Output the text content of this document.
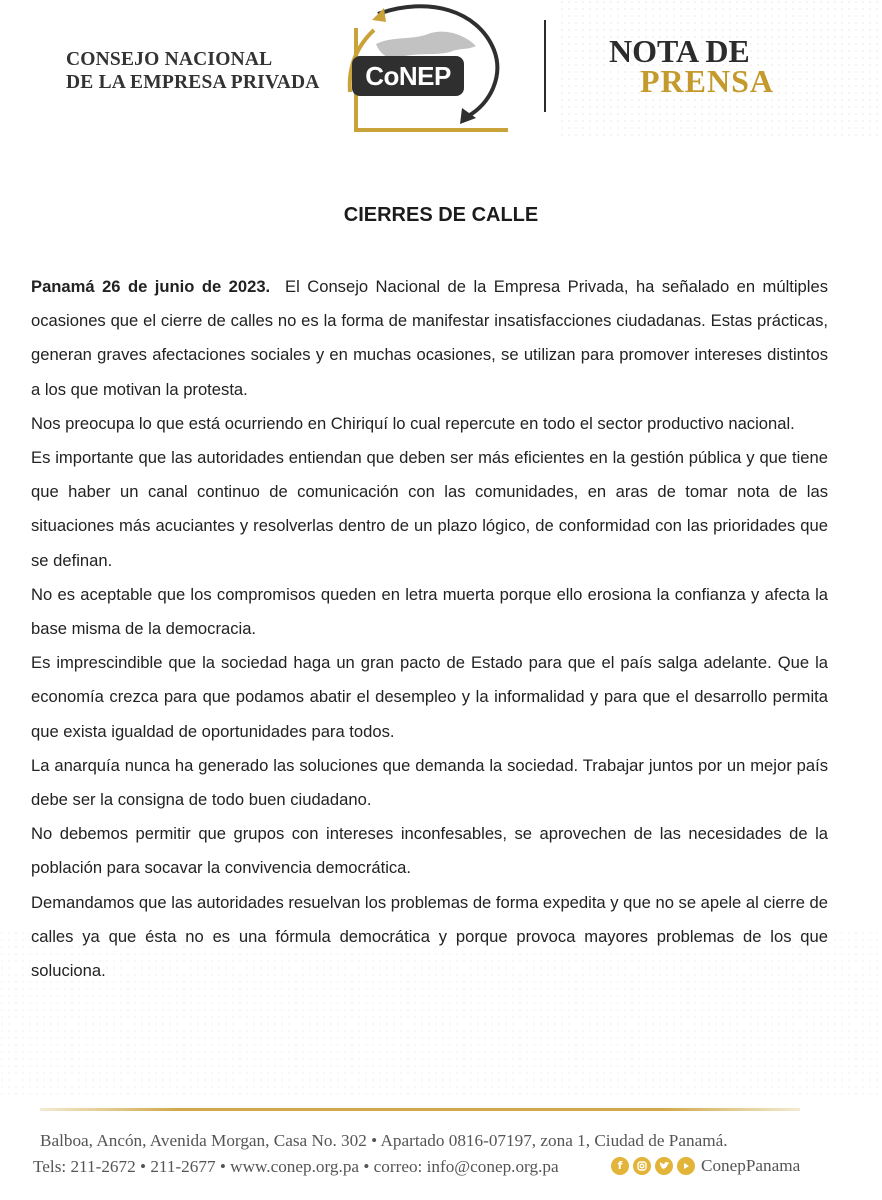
CONSEJO NACIONAL
DE LA EMPRESA PRIVADA	CoNEP
NOTA DE
PRENSA
CIERRES DE CALLE

Panamá 26 de junio de 2023. El Consejo Nacional de la Empresa Privada, ha señalado en múltiples ocasiones que el cierre de calles no es la forma de manifestar insatisfacciones ciudadanas. Estas prácticas, generan graves afectaciones sociales y en muchas ocasiones, se utilizan para promover intereses distintos a los que motivan la protesta.

Nos preocupa lo que está ocurriendo en Chiriquí lo cual repercute en todo el sector productivo nacional.

Es importante que las autoridades entiendan que deben ser más eficientes en la gestión pública y que tiene que haber un canal continuo de comunicación con las comunidades, en aras de tomar nota de las situaciones más acuciantes y resolverlas dentro de un plazo lógico, de conformidad con las prioridades que se definan.

No es aceptable que los compromisos queden en letra muerta porque ello erosiona la confianza y afecta la base misma de la democracia.

Es imprescindible que la sociedad haga un gran pacto de Estado para que el país salga adelante. Que la economía crezca para que podamos abatir el desempleo y la informalidad y para que el desarrollo permita que exista igualdad de oportunidades para todos.

La anarquía nunca ha generado las soluciones que demanda la sociedad. Trabajar juntos por un mejor país debe ser la consigna de todo buen ciudadano.

No debemos permitir que grupos con intereses inconfesables, se aprovechen de las necesidades de la población para socavar la convivencia democrática.

Demandamos que las autoridades resuelvan los problemas de forma expedita y que no se apele al cierre de calles ya que ésta no es una fórmula democrática y porque provoca mayores problemas de los que soluciona.

Balboa, Ancón, Avenida Morgan, Casa No. 302 • Apartado 0816-07197, zona 1, Ciudad de Panamá.
Tels: 211-2672 • 211-2677 • www.conep.org.pa • correo: info@conep.org.pa	f	ConepPanama
